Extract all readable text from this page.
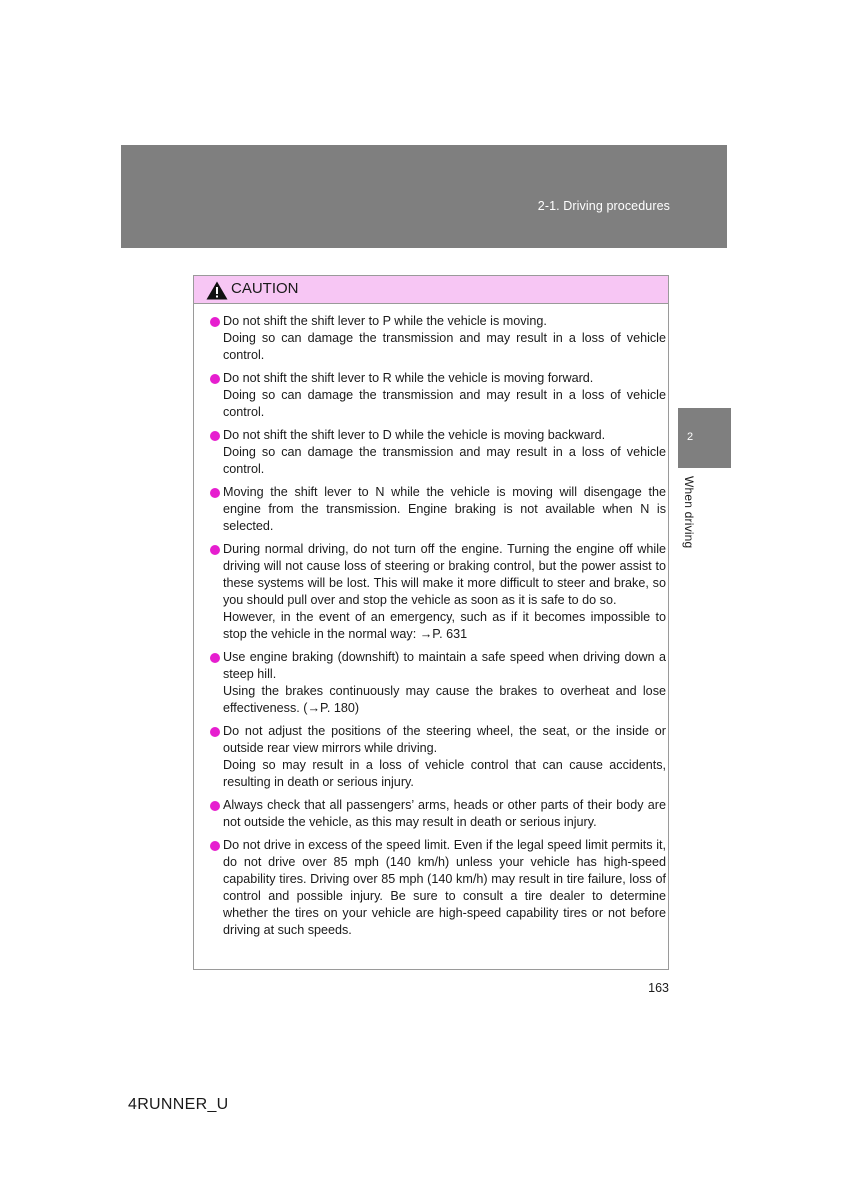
2-1. Driving procedures
2
When driving
CAUTION
Do not shift the shift lever to P while the vehicle is moving.
Doing so can damage the transmission and may result in a loss of vehicle control.
Do not shift the shift lever to R while the vehicle is moving forward.
Doing so can damage the transmission and may result in a loss of vehicle control.
Do not shift the shift lever to D while the vehicle is moving backward.
Doing so can damage the transmission and may result in a loss of vehicle control.
Moving the shift lever to N while the vehicle is moving will disengage the engine from the transmission. Engine braking is not available when N is selected.
During normal driving, do not turn off the engine. Turning the engine off while driving will not cause loss of steering or braking control, but the power assist to these systems will be lost. This will make it more difficult to steer and brake, so you should pull over and stop the vehicle as soon as it is safe to do so.
However, in the event of an emergency, such as if it becomes impossible to stop the vehicle in the normal way: →P. 631
Use engine braking (downshift) to maintain a safe speed when driving down a steep hill.
Using the brakes continuously may cause the brakes to overheat and lose effectiveness. (→P. 180)
Do not adjust the positions of the steering wheel, the seat, or the inside or outside rear view mirrors while driving.
Doing so may result in a loss of vehicle control that can cause accidents, resulting in death or serious injury.
Always check that all passengers’ arms, heads or other parts of their body are not outside the vehicle, as this may result in death or serious injury.
Do not drive in excess of the speed limit. Even if the legal speed limit permits it, do not drive over 85 mph (140 km/h) unless your vehicle has high-speed capability tires. Driving over 85 mph (140 km/h) may result in tire failure, loss of control and possible injury. Be sure to consult a tire dealer to determine whether the tires on your vehicle are high-speed capability tires or not before driving at such speeds.
163
4RUNNER_U
